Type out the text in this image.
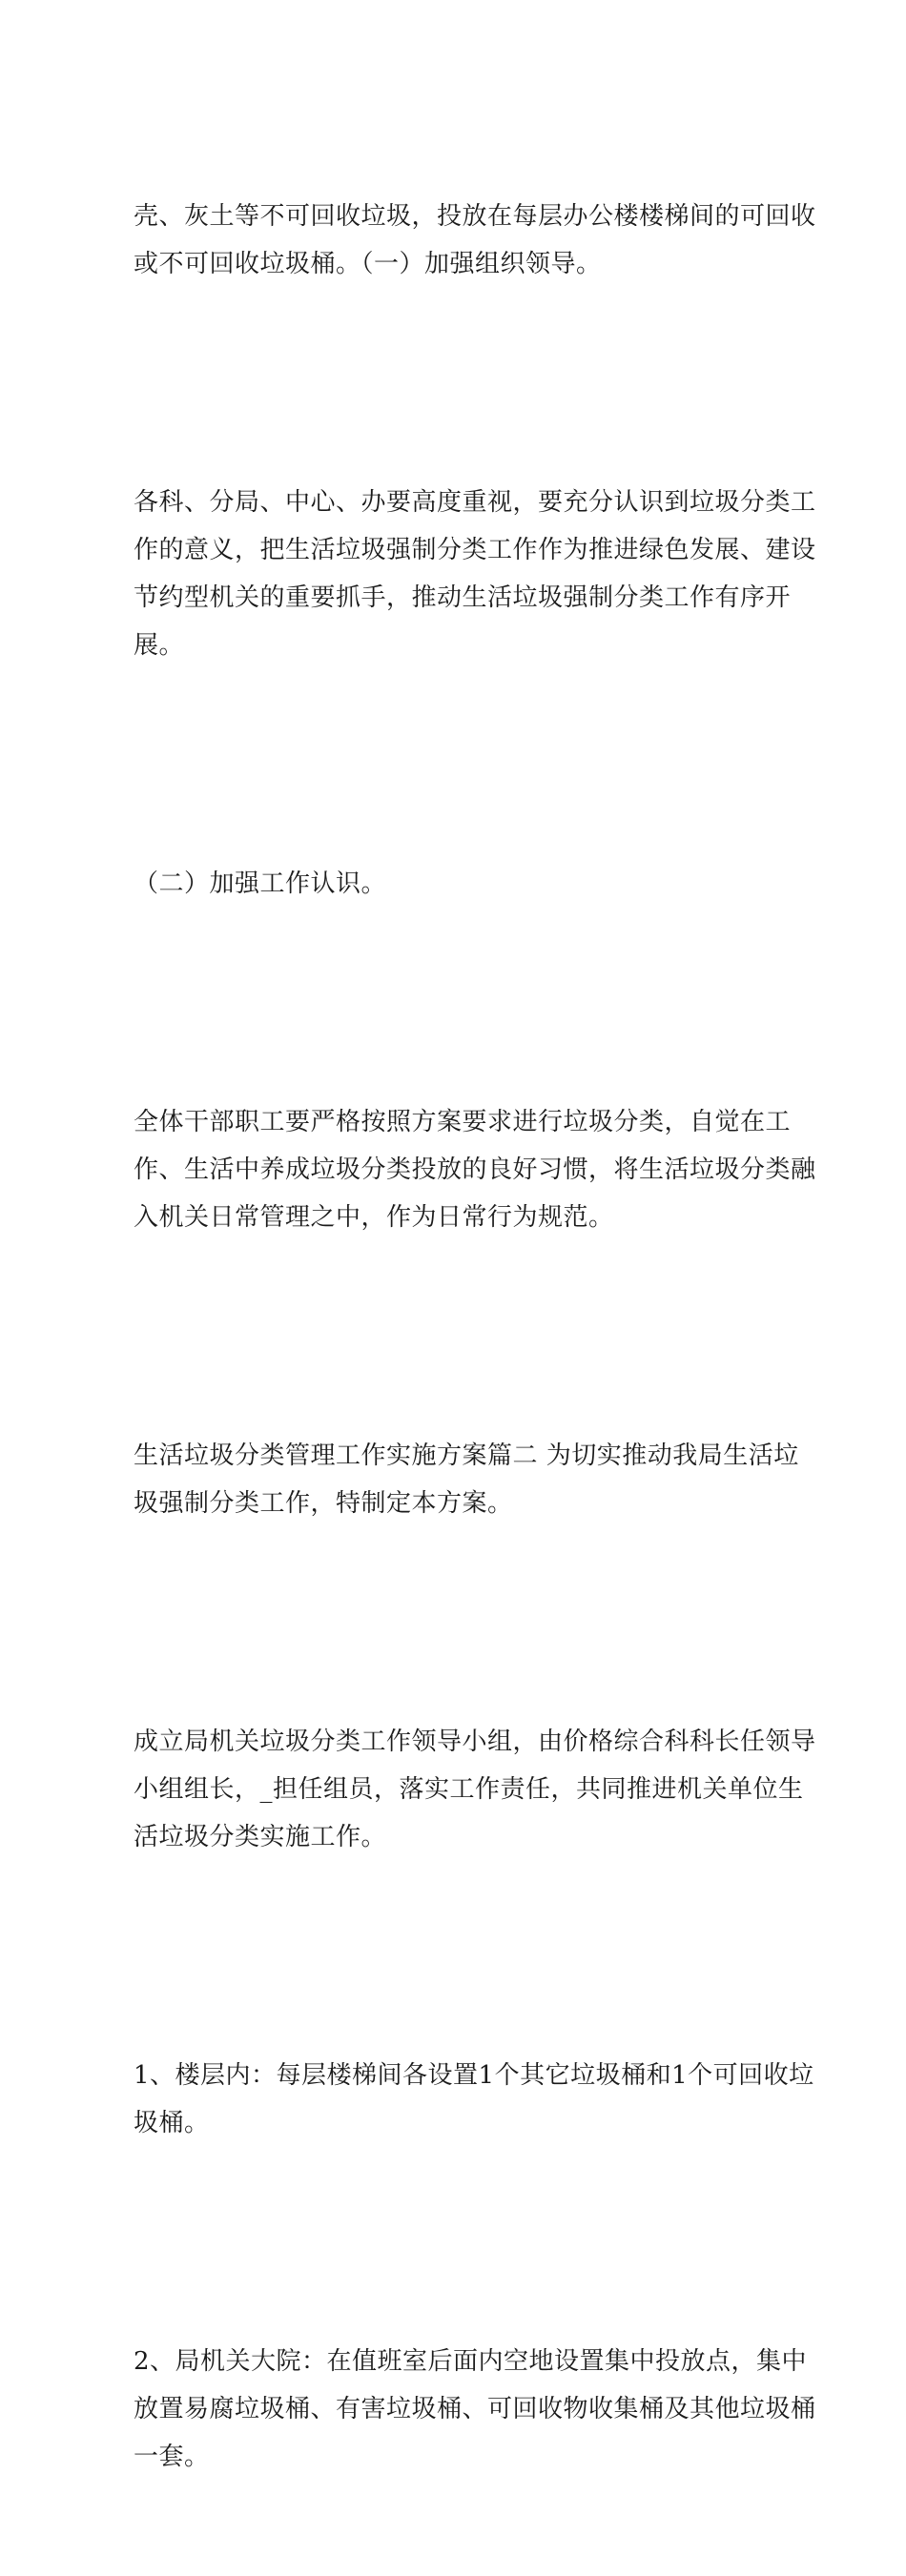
壳、灰土等不可回收垃圾，投放在每层办公楼楼梯间的可回收
或不可回收垃圾桶。（一）加强组织领导。

各科、分局、中心、办要高度重视，要充分认识到垃圾分类工
作的意义，把生活垃圾强制分类工作作为推进绿色发展、建设
节约型机关的重要抓手，推动生活垃圾强制分类工作有序开
展。

（二）加强工作认识。

全体干部职工要严格按照方案要求进行垃圾分类，自觉在工
作、生活中养成垃圾分类投放的良好习惯，将生活垃圾分类融
入机关日常管理之中，作为日常行为规范。

生活垃圾分类管理工作实施方案篇二 为切实推动我局生活垃
圾强制分类工作，特制定本方案。

成立局机关垃圾分类工作领导小组，由价格综合科科长任领导
小组组长，_担任组员，落实工作责任，共同推进机关单位生
活垃圾分类实施工作。

1、楼层内：每层楼梯间各设置1个其它垃圾桶和1个可回收垃
圾桶。

2、局机关大院：在值班室后面内空地设置集中投放点，集中
放置易腐垃圾桶、有害垃圾桶、可回收物收集桶及其他垃圾桶
一套。
